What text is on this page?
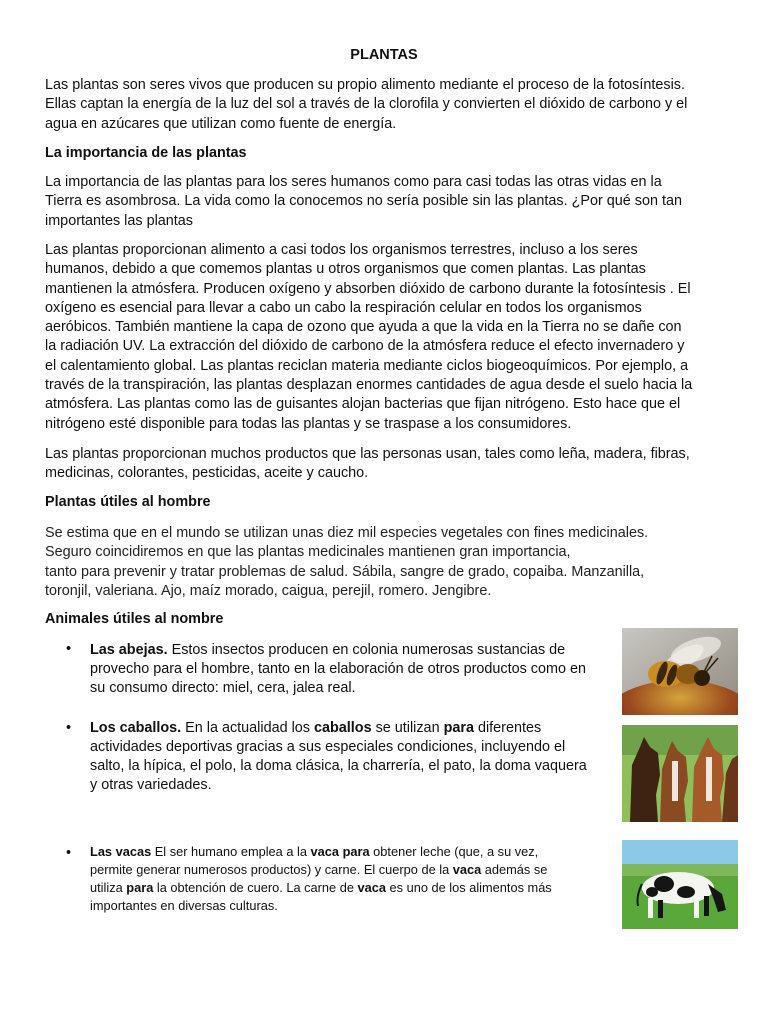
PLANTAS

Las plantas son seres vivos que producen su propio alimento mediante el proceso de la fotosíntesis.
Ellas captan la energía de la luz del sol a través de la clorofila y convierten el dióxido de carbono y el
agua en azúcares que utilizan como fuente de energía.

La importancia de las plantas

La importancia de las plantas para los seres humanos como para casi todas las otras vidas en la
Tierra es asombrosa. La vida como la conocemos no sería posible sin las plantas. ¿Por qué son tan
importantes las plantas

Las plantas proporcionan alimento a casi todos los organismos terrestres, incluso a los seres
humanos, debido a que comemos plantas u otros organismos que comen plantas. Las plantas
mantienen la atmósfera. Producen oxígeno y absorben dióxido de carbono durante la fotosíntesis . El
oxígeno es esencial para llevar a cabo un cabo la respiración celular en todos los organismos
aeróbicos. También mantiene la capa de ozono que ayuda a que la vida en la Tierra no se dañe con
la radiación UV. La extracción del dióxido de carbono de la atmósfera reduce el efecto invernadero y
el calentamiento global. Las plantas reciclan materia mediante ciclos biogeoquímicos. Por ejemplo, a
través de la transpiración, las plantas desplazan enormes cantidades de agua desde el suelo hacia la
atmósfera. Las plantas como las de guisantes alojan bacterias que fijan nitrógeno. Esto hace que el
nitrógeno esté disponible para todas las plantas y se traspase a los consumidores.

Las plantas proporcionan muchos productos que las personas usan, tales como leña, madera, fibras,
medicinas, colorantes, pesticidas, aceite y caucho.

Plantas útiles al hombre

Se estima que en el mundo se utilizan unas diez mil especies vegetales con fines medicinales.
Seguro coincidiremos en que las plantas medicinales mantienen gran importancia,
tanto para prevenir y tratar problemas de salud. Sábila, sangre de grado, copaiba. Manzanilla,
toronjil, valeriana. Ajo, maíz morado, caigua, perejil, romero. Jengibre.

Animales útiles al nombre
• Las abejas. Estos insectos producen en colonia numerosas sustancias de
provecho para el hombre, tanto en la elaboración de otros productos como en
su consumo directo: miel, cera, jalea real.

• Los caballos. En la actualidad los caballos se utilizan para diferentes
actividades deportivas gracias a sus especiales condiciones, incluyendo el
salto, la hípica, el polo, la doma clásica, la charrería, el pato, la doma vaquera
y otras variedades.

• Las vacas El ser humano emplea a la vaca para obtener leche (que, a su vez,
permite generar numerosos productos) y carne. El cuerpo de la vaca además se
utiliza para la obtención de cuero. La carne de vaca es uno de los alimentos más
importantes en diversas culturas.
